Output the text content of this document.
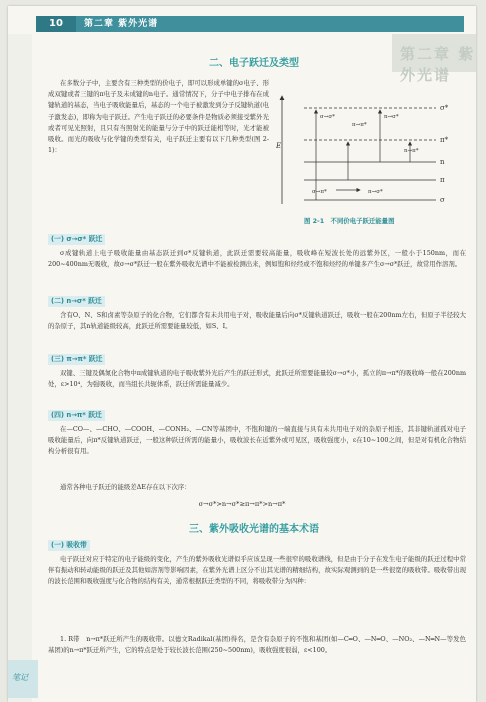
10	第二章 紫外光谱
第二章 紫外光谱
二、电子跃迁及类型

在多数分子中，主要含有三种类型的价电子，即可以形成单键的σ电子、形成双键或者三键的π电子及未成键的n电子。通常情况下，分子中电子排布在成键轨道的基态，当电子吸收能量后，基态的一个电子被激发到分子反键轨道(电子激发态)，即称为电子跃迁。产生电子跃迁的必要条件是物质必须接受紫外光或者可见光照射，且只有当照射光的能量与分子中的跃迁能相等时，光才能被吸收。而光的吸收与化学键的类型有关，电子跃迁主要有以下几种类型(图 2-1)：

E
σ*
π*
n
π
σ
σ→σ*
π→π*
n→σ*
n→π*
σ→π*	π→σ*
图 2-1　不同价电子跃迁能量图
(一) σ→σ* 跃迁

σ成键轨道上电子吸收能量由基态跃迁到σ*反键轨道，此跃迁需要较高能量，吸收峰在短波长处的远紫外区，一般小于150nm，而在200~400nm无吸收，故σ→σ*跃迁一般在紫外吸收光谱中不能被检测出来，例如饱和烃经或不饱和烃经的单键多产生σ→σ*跃迁，故常用作溶剂。

(二) n→σ* 跃迁

含有O、N、S和卤素等杂原子的化合物，它们都含有未共用电子对，吸收能量后向σ*反键轨道跃迁，吸收一般在200nm左右，但原子半径较大的杂原子，其n轨道能级较高，此跃迁所需要能量较低，如S、I。

(三) π→π* 跃迁

双键、三键及偶氮化合物中π成键轨道的电子吸收紫外光后产生的跃迁形式，此跃迁所需要能量较σ→σ*小，孤立的π→π*的吸收峰一般在200nm处，ε>10⁴，为强吸收，而当组长共轭体系，跃迁所需能量减少。

(四) n→π* 跃迁

在—CO—、—CHO、—COOH、—CONH₂、—CN等基团中，不饱和键的一端直接与具有未共用电子对的杂原子相连，其非键轨道孤对电子吸收能量后，向π*反键轨道跃迁，一般这种跃迁所需的能量小，吸收波长在近紫外或可见区，吸收强度小，ε在10~100之间，但是对有机化合物结构分析很有用。

通常各种电子跃迁的能级差ΔE存在以下次序：

σ→σ*>n→σ*≥π→π*>n→π*
三、紫外吸收光谱的基本术语
(一) 吸收带

电子跃迁对应于特定的电子能级的变化，产生的紫外吸收光谱似乎应该呈现一些很窄的吸收谱线，但是由于分子在发生电子能级的跃迁过程中常伴有振动和转动能级的跃迁及其他如溶剂等影响因素，在紫外光谱上区分不出其光谱的精细结构，故实际观测到的是一些很宽的吸收带。吸收带出现的波长范围和吸收强度与化合物的结构有关，通常根据跃迁类型的不同，将吸收带分为四种：

1. R带　n→π*跃迁所产生的吸收带。以德文Radikal(基团)得名，是含有杂原子的不饱和基团(如—C═O、—N═O、—NO₂、—N═N—等发色基团)的n→π*跃迁所产生，它的特点是处于较长波长范围(250~500nm)，吸收强度很弱，ε<100。

笔记
